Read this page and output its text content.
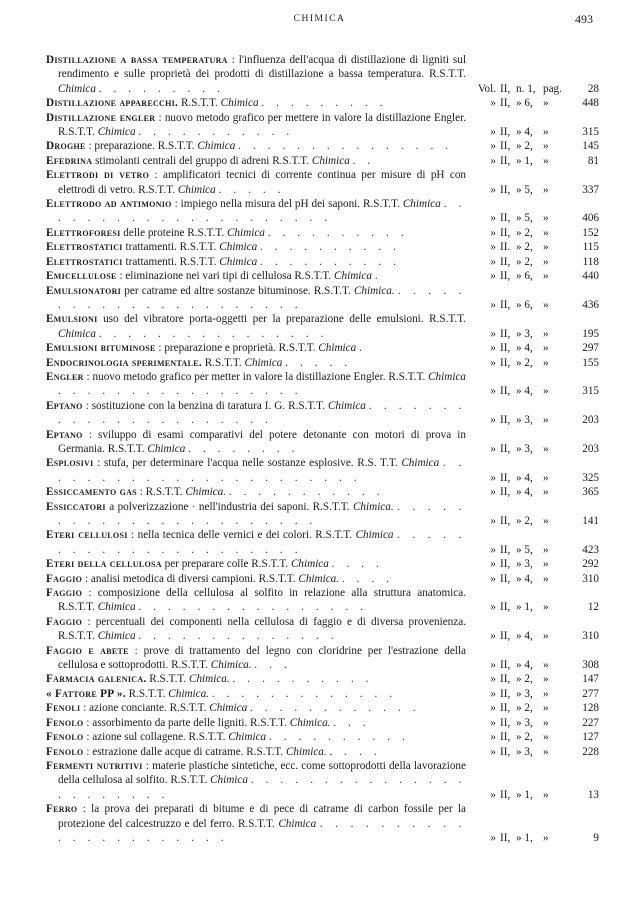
CHIMICA	493
Distillazione a bassa temperatura : l'influenza dell'acqua di distillazione di ligniti sul rendimento e sulle proprietà dei prodotti di distillazione a bassa temperatura. R.S.T.T. Chimica . . . . . . . . .	Vol. II, n. 1, pag.	28
Distillazione apparecchi. R.S.T.T. Chimica . . . . . . . . .	» II, » 6, »	448
Distillazione engler : nuovo metodo grafico per mettere in valore la distillazione Engler. R.S.T.T. Chimica . . . . . . . . . . .	» II, » 4, »	315
Droghe : preparazione. R.S.T.T. Chimica . . . . . . . . . . . . . . .	» II, » 2, »	145
Efedrina stimolanti centrali del gruppo di adreni R.S.T.T. Chimica . .	» II, » 1, »	81
Elettrodi di vetro : amplificatori tecnici di corrente continua per misure di pH con elettrodi di vetro. R.S.T.T. Chimica . . . . .	» II, » 5, »	337
Elettrodo ad antimonio : impiego nella misura del pH dei saponi. R.S.T.T. Chimica . . . . . . . . . . . . . . . . . . . . .	» II, » 5, »	406
Elettroforesi delle proteine R.S.T.T. Chimica . . . . . . . . . .	» II, » 2, »	152
Elettrostatici trattamenti. R.S.T.T. Chimica . . . . . . . . . .	» II. » 2, »	115
Elettrostatici trattamenti. R.S.T.T. Chimica . . . . . . . . . .	» II, » 2, »	118
Emicellulose : eliminazione nei vari tipi di cellulosa R.S.T.T. Chimica .	» II, » 6, »	440
Emulsionatori per catrame ed altre sostanze bituminose. R.S.T.T. Chimica. . . . . . . . . . . . . . . . . . . . . . .	» II, » 6, »	436
Emulsioni uso del vibratore porta-oggetti per la preparazione delle emulsioni. R.S.T.T. Chimica . . . . . . . . . . . . . . . .	» II, » 3, »	195
Emulsioni bituminose : preparazione e proprietà. R.S.T.T. Chimica .	» II, » 4, »	297
Endocrinologia sperimentale. R.S.T.T. Chimica . . . . .	» II, » 2, »	155
Engler : nuovo metodo grafico per metter in valore la distillazione Engler. R.S.T.T. Chimica . . . . . . . . . . . . . . . . .	» II, » 4, »	315
Eptano : sostituzione con la benzina di taratura I. G. R.S.T.T. Chimica . . . . . . . . . . . . . . . . . . . . . .	» II, » 3, »	203
Eptano : sviluppo di esami comparativi del potere detonante con motori di prova in Germania. R.S.T.T. Chimica . . . . . . . .	» II, » 3, »	203
Esplosivi : stufa, per determinare l'acqua nelle sostanze esplosive. R.S. T.T. Chimica . . . . . . . . . . . . . . . . . . . . . . .	» II, » 4, »	325
Essiccamento gas : R.S.T.T. Chimica. . . . . . . . . . . .	» II, » 4, »	365
Essiccatori a polverizzazione · nell'industria dei saponi. R.S.T.T. Chimica. . . . . . . . . . . . . . . . . . . . . . . .	» II, » 2, »	141
Eteri cellulosi : nella tecnica delle vernici e dei colori. R.S.T.T. Chimica . . . . . . . . . . . . . . . . . . . . . .	» II, » 5, »	423
Eteri della cellulosa per preparare colle R.S.T.T. Chimica . . . .	» II, » 3, »	292
Faggio : analisi metodica di diversi campioni. R.S.T.T. Chimica. . . . .	» II, » 4, »	310
Faggio : composizione della cellulosa al solfito in relazione alla struttura anatomica. R.S.T.T. Chimica . . . . . . . . . . . . . . . .	» II, » 1, »	12
Faggio : percentuali dei componenti nella cellulosa di faggio e di diversa provenienza. R.S.T.T. Chimica . . . . . . . . . . . . . .	» II, » 4, »	310
Faggio e abete : prove di trattamento del legno con cloridrine per l'estrazione della cellulosa e sottoprodotti. R.S.T.T. Chimica. . . .	» II, » 4, »	308
Farmacia galenica. R.S.T.T. Chimica. . . . . . . . . . .	» II, » 2, »	147
« Fattore PP ». R.S.T.T. Chimica. . . . . . . . . . . . . .	» II, » 3, »	277
Fenoli : azione conciante. R.S.T.T. Chimica . . . . . . . . . . . .	» II, » 2, »	128
Fenolo : assorbimento da parte delle ligniti. R.S.T.T. Chimica. . . .	» II, » 3, »	227
Fenolo : azione sul collagene. R.S.T.T. Chimica . . . . . . . . . .	» II, » 2, »	127
Fenolo : estrazione dalle acque di catrame. R.S.T.T. Chimica. . . . .	» II, » 3, »	228
Fermenti nutritivi : materie plastiche sintetiche, ecc. come sottoprodotti della lavorazione della cellulosa al solfito. R.S.T.T. Chimica . . . . . . . . . . . . . . . . . . . . . . .	» II, » 1, »	13
Ferro : la prova dei preparati di bitume e di pece di catrame di carbon fossile per la protezione del calcestruzzo e del ferro. R.S.T.T. Chimica . . . . . . . . . . . . . . . . . . . . . .	» II, » 1, »	9
